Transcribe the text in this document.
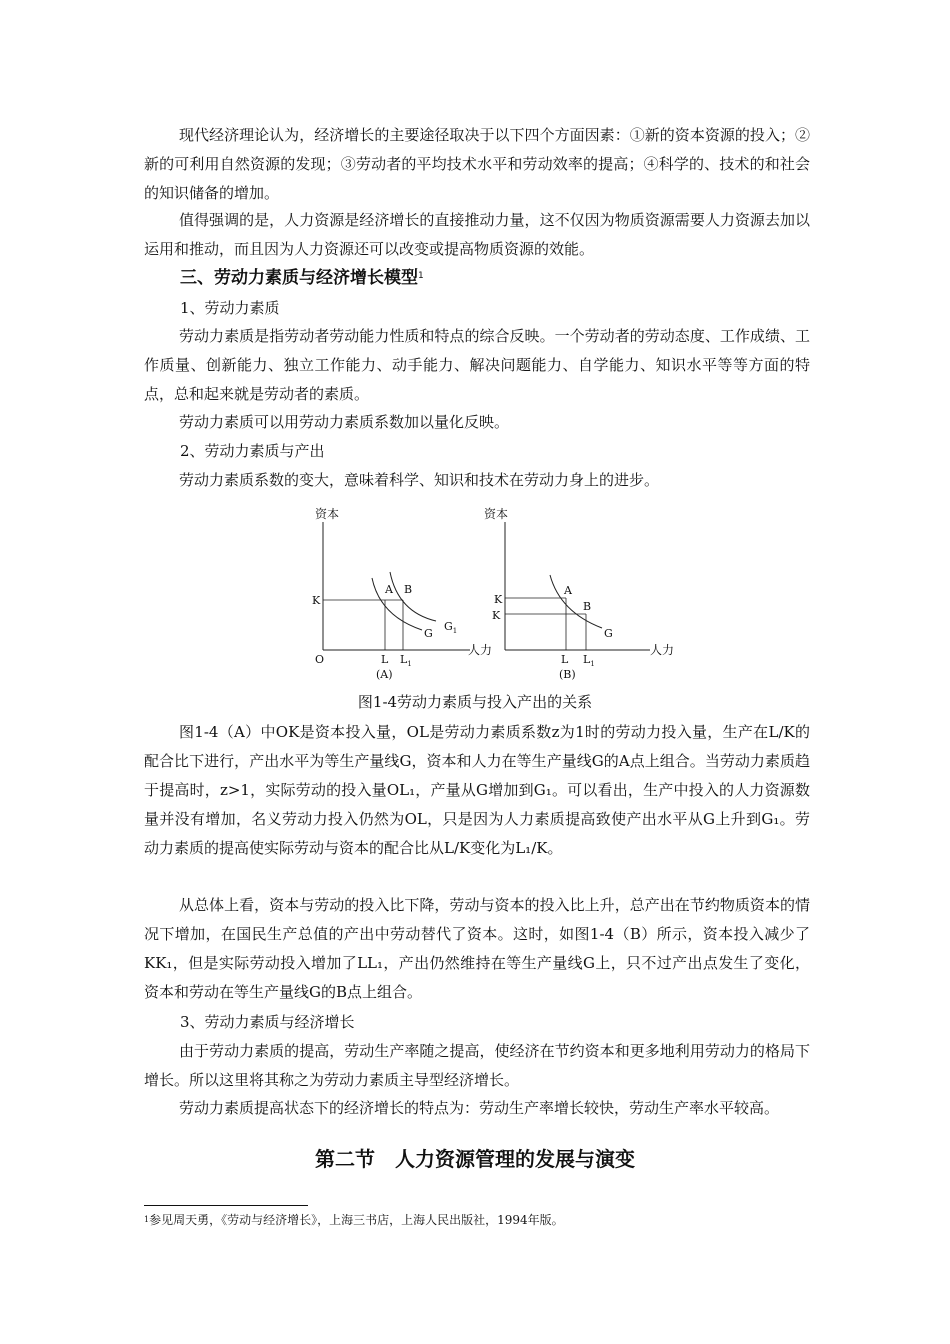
现代经济理论认为，经济增长的主要途径取决于以下四个方面因素：①新的资本资源的投入；②新的可利用自然资源的发现；③劳动者的平均技术水平和劳动效率的提高；④科学的、技术的和社会的知识储备的增加。

值得强调的是，人力资源是经济增长的直接推动力量，这不仅因为物质资源需要人力资源去加以运用和推动，而且因为人力资源还可以改变或提高物质资源的效能。

三、劳动力素质与经济增长模型$^1$

1、劳动力素质

劳动力素质是指劳动者劳动能力性质和特点的综合反映。一个劳动者的劳动态度、工作成绩、工作质量、创新能力、独立工作能力、动手能力、解决问题能力、自学能力、知识水平等等方面的特点，总和起来就是劳动者的素质。

劳动力素质可以用劳动力素质系数加以量化反映。

2、劳动力素质与产出

劳动力素质系数的变大，意味着科学、知识和技术在劳动力身上的进步。

资本
人力
O
K
A B
G
$G_1$
L $L_1$
(A)
资本
人力
K
K
A
B
G
L $L_1$
(B)

图1-4劳动力素质与投入产出的关系

图1-4（A）中OK是资本投入量，OL是劳动力素质系数z为1时的劳动力投入量，生产在L/K的配合比下进行，产出水平为等生产量线G，资本和人力在等生产量线G的A点上组合。当劳动力素质趋于提高时，z>1，实际劳动的投入量OL₁，产量从G增加到G₁。可以看出，生产中投入的人力资源数量并没有增加，名义劳动力投入仍然为OL，只是因为人力素质提高致使产出水平从G上升到G₁。劳动力素质的提高使实际劳动与资本的配合比从L/K变化为L₁/K。

从总体上看，资本与劳动的投入比下降，劳动与资本的投入比上升，总产出在节约物质资本的情况下增加，在国民生产总值的产出中劳动替代了资本。这时，如图1-4（B）所示，资本投入减少了KK₁，但是实际劳动投入增加了LL₁，产出仍然维持在等生产量线G上，只不过产出点发生了变化，资本和劳动在等生产量线G的B点上组合。

3、劳动力素质与经济增长

由于劳动力素质的提高，劳动生产率随之提高，使经济在节约资本和更多地利用劳动力的格局下增长。所以这里将其称之为劳动力素质主导型经济增长。

劳动力素质提高状态下的经济增长的特点为：劳动生产率增长较快，劳动生产率水平较高。

第二节　人力资源管理的发展与演变

$^1$参见周天勇，《劳动与经济增长》，上海三书店，上海人民出版社，1994年版。
